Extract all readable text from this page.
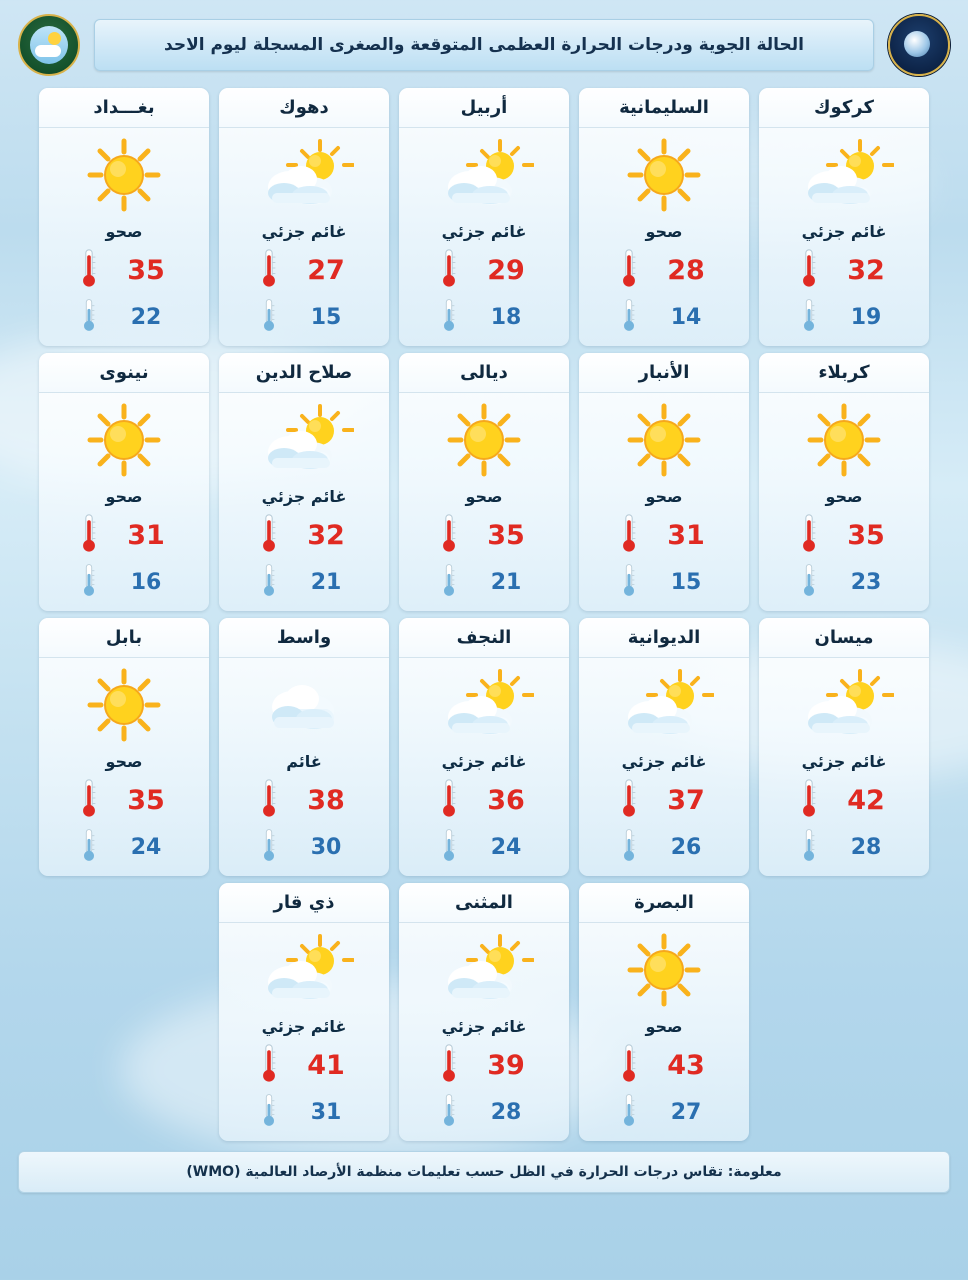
الحالة الجوية ودرجات الحرارة العظمى المتوقعة والصغرى المسجلة ليوم الاحد
كركوك
غائم جزئي
32
19
السليمانية
صحو
28
14
أربيل
غائم جزئي
29
18
دهوك
غائم جزئي
27
15
بغـــداد
صحو
35
22
كربلاء
صحو
35
23
الأنبار
صحو
31
15
ديالى
صحو
35
21
صلاح الدين
غائم جزئي
32
21
نينوى
صحو
31
16
ميسان
غائم جزئي
42
28
الديوانية
غائم جزئي
37
26
النجف
غائم جزئي
36
24
واسط
غائم
38
30
بابل
صحو
35
24
البصرة
صحو
43
27
المثنى
غائم جزئي
39
28
ذي قار
غائم جزئي
41
31
معلومة: تقاس درجات الحرارة في الظل حسب تعليمات منظمة الأرصاد العالمية (WMO)
